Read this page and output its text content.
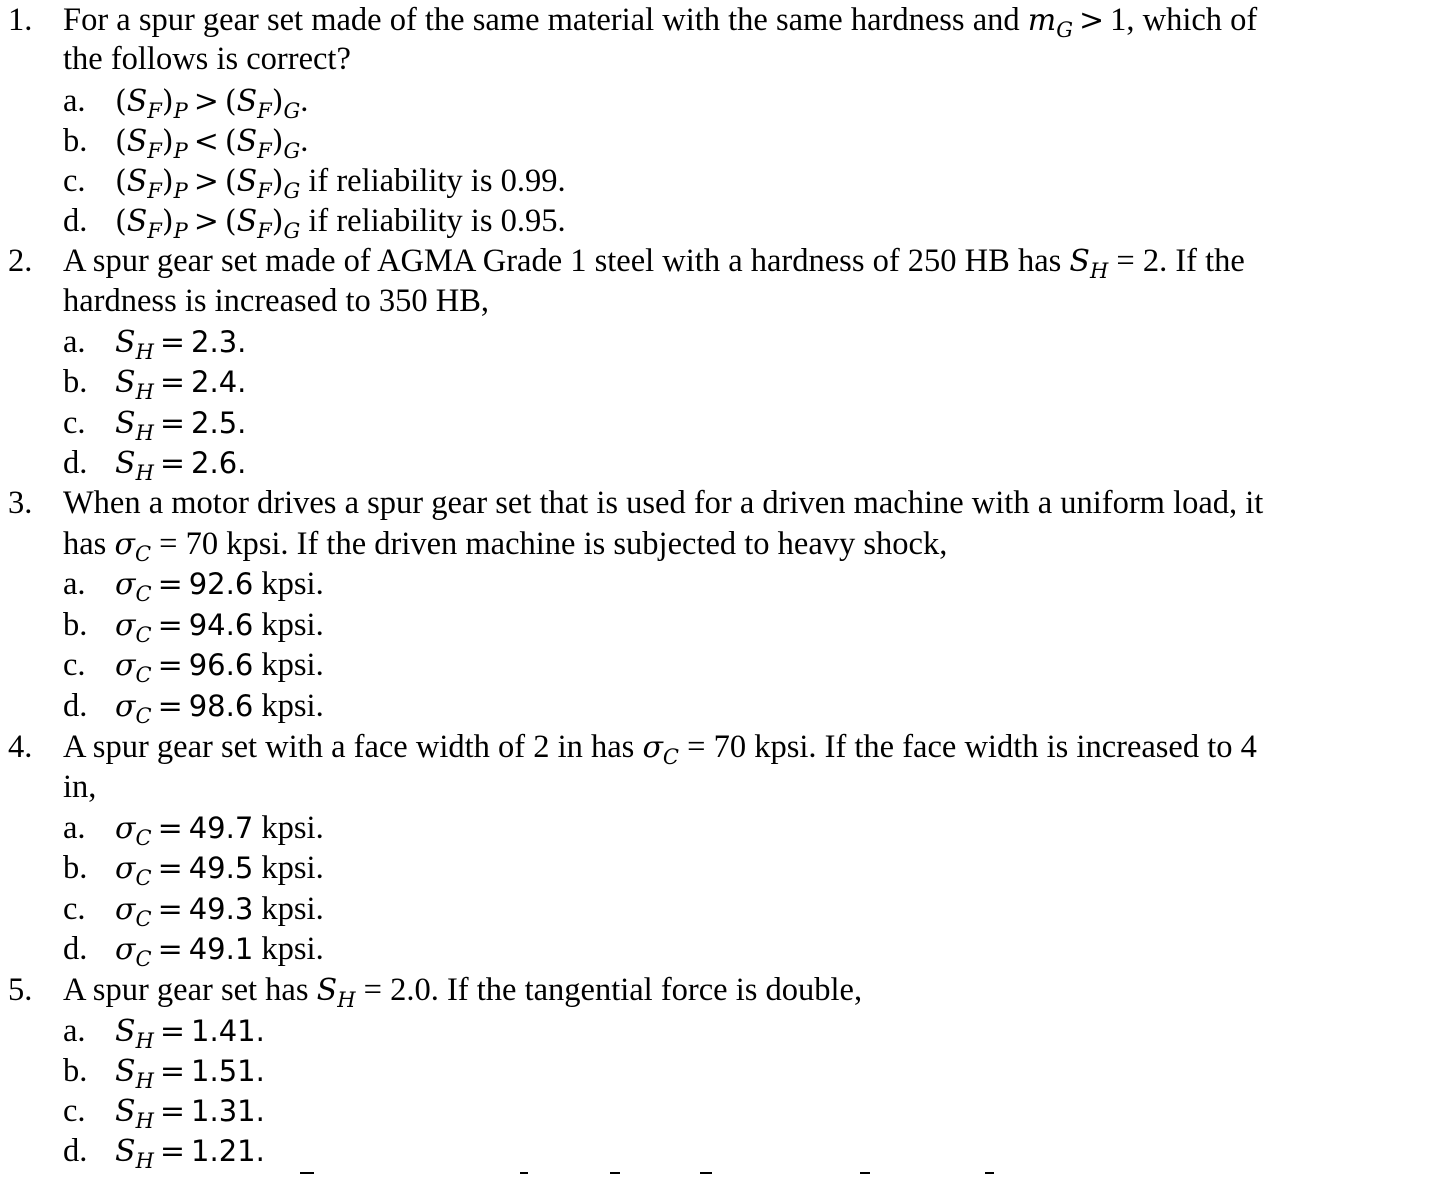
1. For a spur gear set made of the same material with the same hardness and $m_G > 1$, which of
the follows is correct?
a. $(S_F)_P > (S_F)_G$.
b. $(S_F)_P < (S_F)_G$.
c. $(S_F)_P > (S_F)_G$ if reliability is 0.99.
d. $(S_F)_P > (S_F)_G$ if reliability is 0.95.
2. A spur gear set made of AGMA Grade 1 steel with a hardness of 250 HB has $S_H = 2$. If the
hardness is increased to 350 HB,
a. $S_H = 2.3$.
b. $S_H = 2.4$.
c. $S_H = 2.5$.
d. $S_H = 2.6$.
3. When a motor drives a spur gear set that is used for a driven machine with a uniform load, it
has $\sigma_C = 70$ kpsi. If the driven machine is subjected to heavy shock,
a. $\sigma_C = 92.6$ kpsi.
b. $\sigma_C = 94.6$ kpsi.
c. $\sigma_C = 96.6$ kpsi.
d. $\sigma_C = 98.6$ kpsi.
4. A spur gear set with a face width of 2 in has $\sigma_C = 70$ kpsi. If the face width is increased to 4
in,
a. $\sigma_C = 49.7$ kpsi.
b. $\sigma_C = 49.5$ kpsi.
c. $\sigma_C = 49.3$ kpsi.
d. $\sigma_C = 49.1$ kpsi.
5. A spur gear set has $S_H = 2.0$. If the tangential force is double,
a. $S_H = 1.41$.
b. $S_H = 1.51$.
c. $S_H = 1.31$.
d. $S_H = 1.21$.
